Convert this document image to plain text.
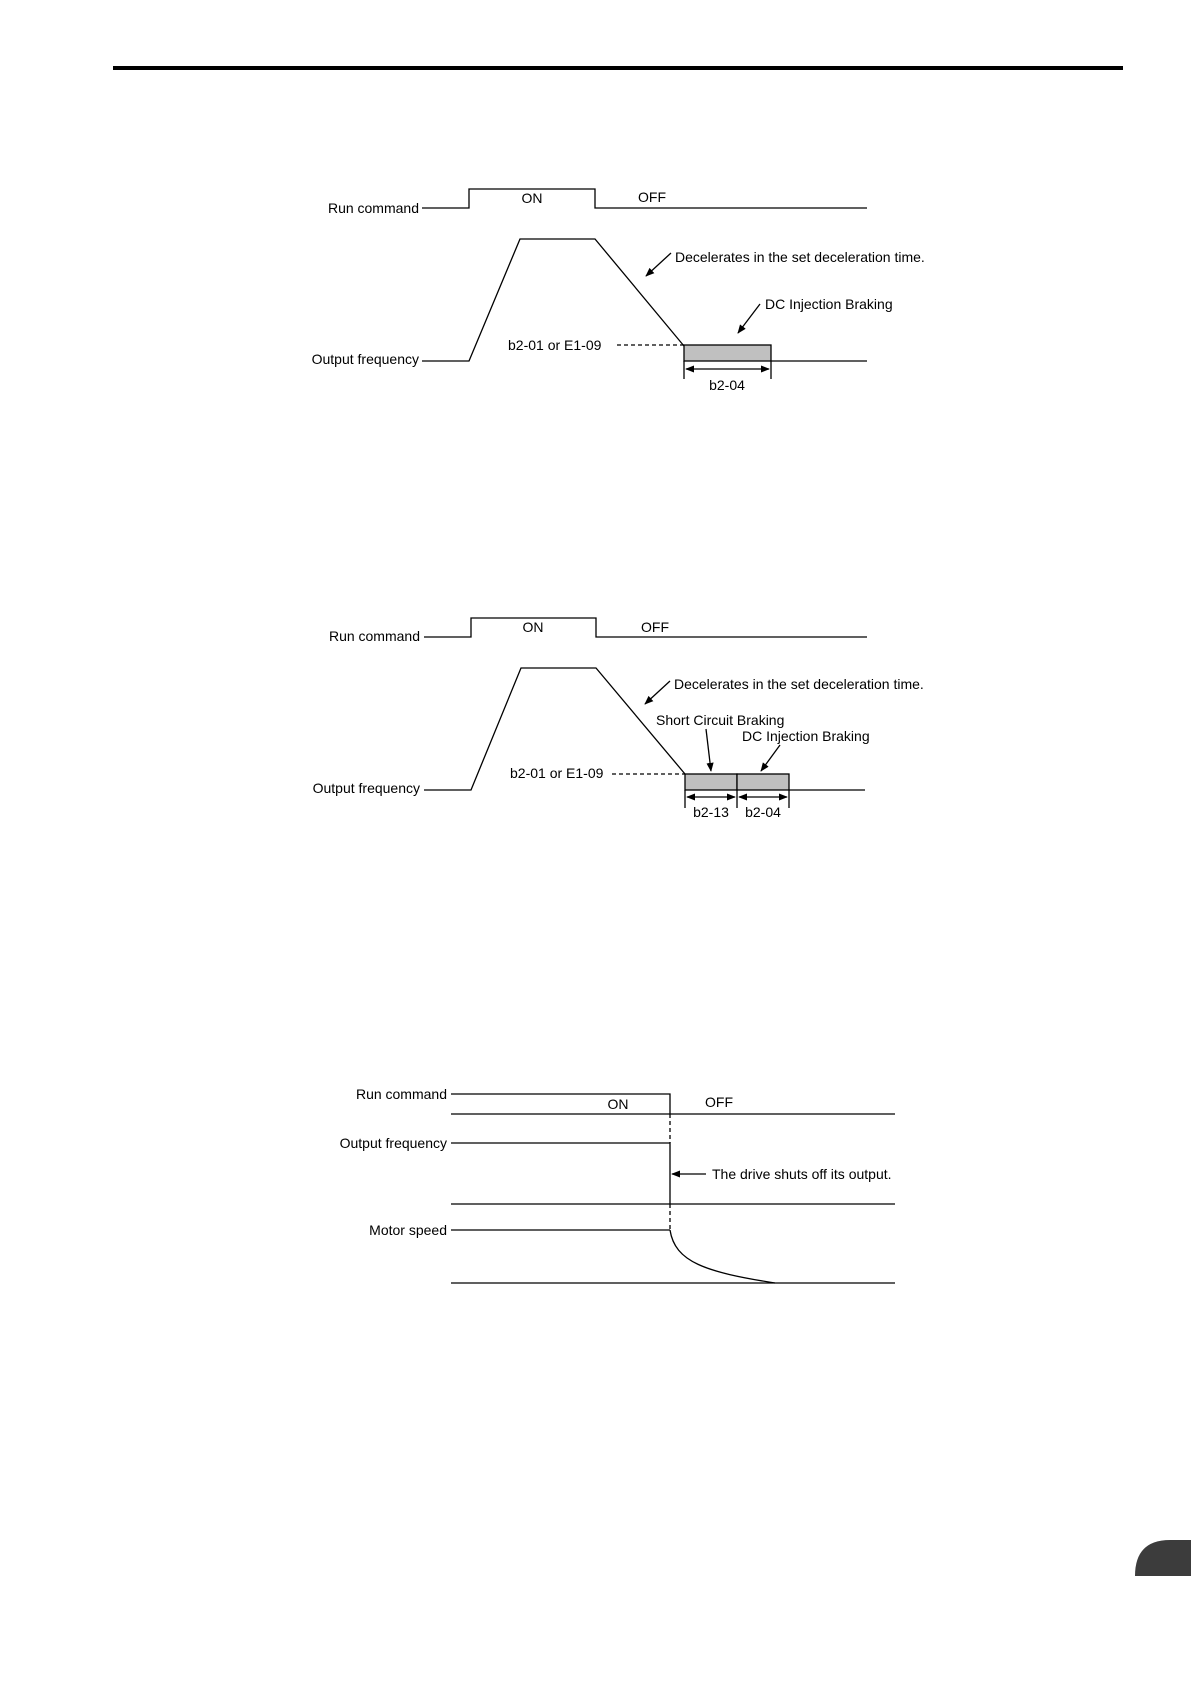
Run command
ON	OFF
Output frequency
Decelerates in the set deceleration time.
b2-01 or E1-09
DC Injection Braking
b2-04
Run command
ON	OFF
Output frequency
Decelerates in the set deceleration time.
b2-01 or E1-09
Short Circuit Braking
DC Injection Braking
b2-13 b2-04
Run command
ON	OFF
Output frequency
The drive shuts off its output.
Motor speed
